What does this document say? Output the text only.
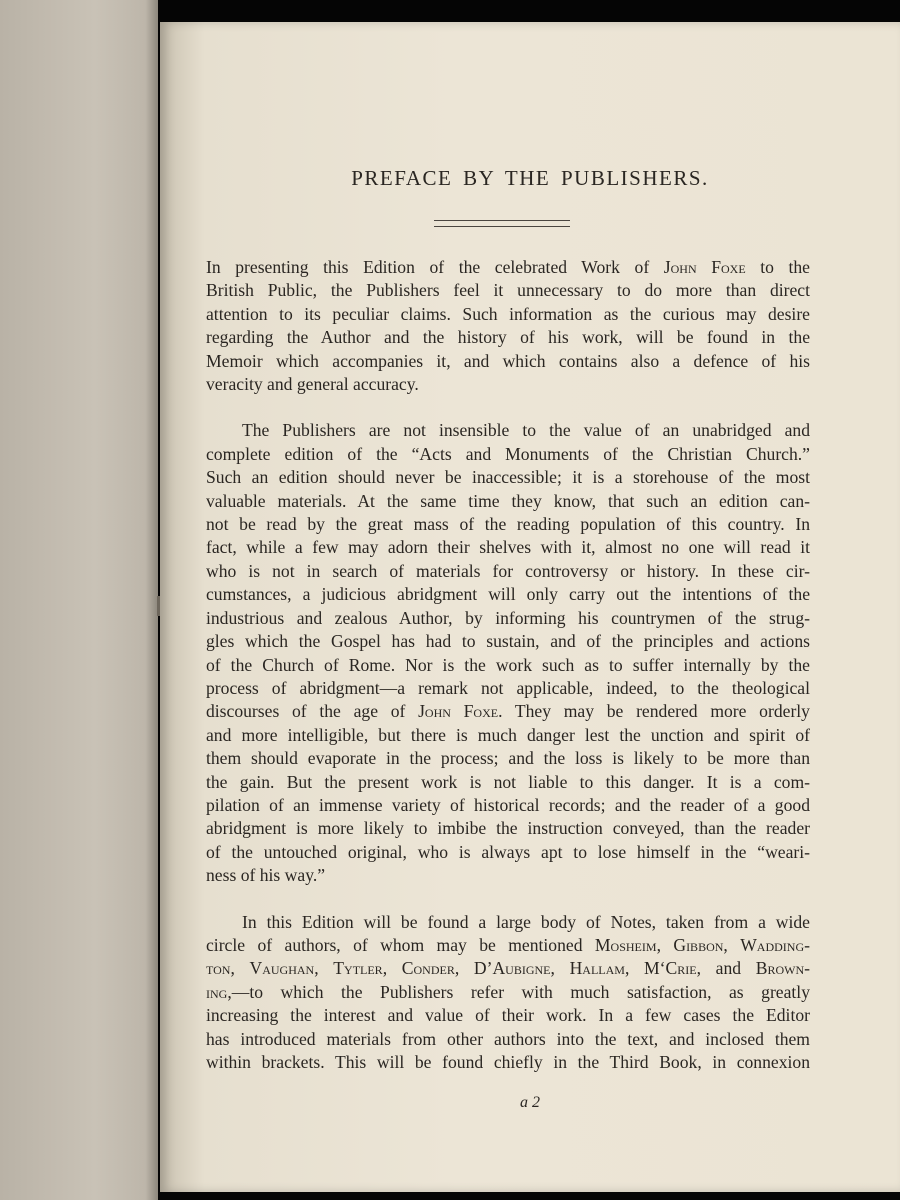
PREFACE BY THE PUBLISHERS.
In presenting this Edition of the celebrated Work of John Foxe to the
British Public, the Publishers feel it unnecessary to do more than direct
attention to its peculiar claims. Such information as the curious may desire
regarding the Author and the history of his work, will be found in the
Memoir which accompanies it, and which contains also a defence of his
veracity and general accuracy.
The Publishers are not insensible to the value of an unabridged and
complete edition of the “Acts and Monuments of the Christian Church.”
Such an edition should never be inaccessible; it is a storehouse of the most
valuable materials. At the same time they know, that such an edition can-
not be read by the great mass of the reading population of this country. In
fact, while a few may adorn their shelves with it, almost no one will read it
who is not in search of materials for controversy or history. In these cir-
cumstances, a judicious abridgment will only carry out the intentions of the
industrious and zealous Author, by informing his countrymen of the strug-
gles which the Gospel has had to sustain, and of the principles and actions
of the Church of Rome. Nor is the work such as to suffer internally by the
process of abridgment—a remark not applicable, indeed, to the theological
discourses of the age of John Foxe. They may be rendered more orderly
and more intelligible, but there is much danger lest the unction and spirit of
them should evaporate in the process; and the loss is likely to be more than
the gain. But the present work is not liable to this danger. It is a com-
pilation of an immense variety of historical records; and the reader of a good
abridgment is more likely to imbibe the instruction conveyed, than the reader
of the untouched original, who is always apt to lose himself in the “weari-
ness of his way.”
In this Edition will be found a large body of Notes, taken from a wide
circle of authors, of whom may be mentioned Mosheim, Gibbon, Wadding-
ton, Vaughan, Tytler, Conder, D’Aubigne, Hallam, M‘Crie, and Brown-
ing,—to which the Publishers refer with much satisfaction, as greatly
increasing the interest and value of their work. In a few cases the Editor
has introduced materials from other authors into the text, and inclosed them
within brackets. This will be found chiefly in the Third Book, in connexion
a 2
